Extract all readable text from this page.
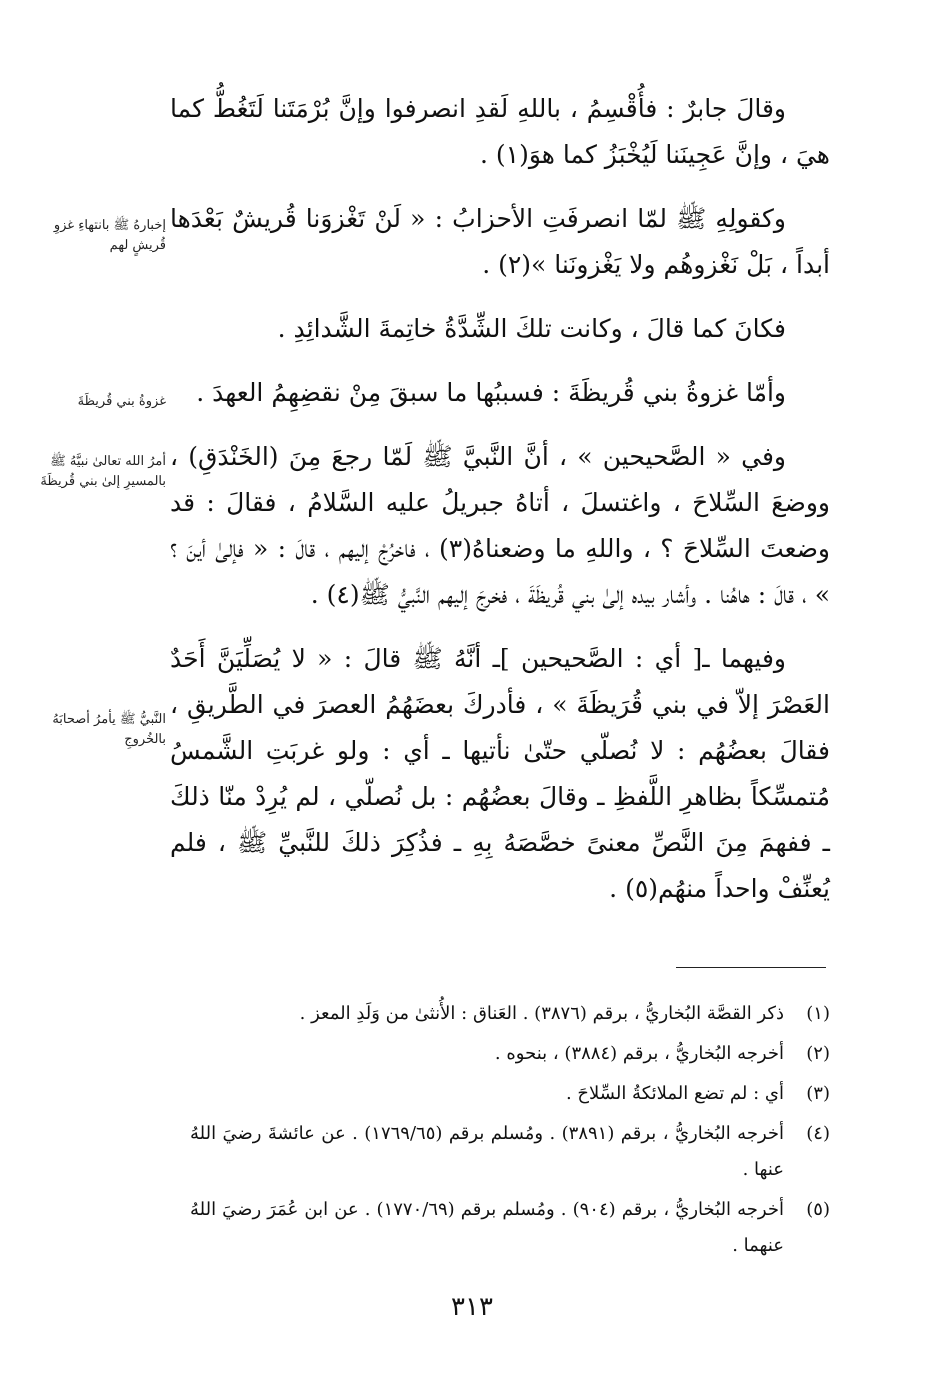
وقالَ جابرٌ : فأُقْسِمُ ، باللهِ لَقدِ انصرفوا وإنَّ بُرْمَتَنا لَتَغُطُّ كما هيَ ، وإنَّ عَجِينَنا لَيُخْبَزُ كما هوَ(١) .

وكقولِهِ ﷺ لمّا انصرفَتِ الأحزابُ : « لَنْ تَغْزوَنا قُريشٌ بَعْدَها أبداً ، بَلْ نَغْزوهُم ولا يَغْزونَنا »(٢) .

فكانَ كما قالَ ، وكانت تلكَ الشِّدَّةُ خاتِمةَ الشَّدائِدِ .

وأمّا غزوةُ بني قُريظَةَ : فسببُها ما سبقَ مِنْ نقضِهِمُ العهدَ .

وفي « الصَّحيحين » ، أنَّ النَّبيَّ ﷺ لَمّا رجعَ مِنَ (الخَنْدَقِ) ، ووضعَ السِّلاحَ ، واغتسلَ ، أتاهُ جبريلُ عليه السَّلامُ ، فقالَ : قد وضعتَ السِّلاحَ ؟ ، واللهِ ما وضعناهُ(٣) ، فاخرُجْ إليهم ، قالَ : « فإلىٰ أينَ ؟ » ، قالَ : هاهُنا . وأشار بيده إلىٰ بني قُريظَةَ ، فخرجَ إليهم النَّبيُّ ﷺ(٤) .

وفيهما ـ[ أي : الصَّحيحين ]ـ أنَّهُ ﷺ قالَ : « لا يُصَلِّيَنَّ أَحَدٌ العَصْرَ إلاّ في بني قُرَيظَةَ » ، فأدركَ بعضَهُمُ العصرَ في الطَّريقِ ، فقالَ بعضُهُم : لا نُصلّي حتّىٰ نأتيها ـ أي : ولو غربَتِ الشَّمسُ مُتمسِّكاً بظاهرِ اللَّفظِ ـ وقالَ بعضُهُم : بل نُصلّي ، لم يُرِدْ منّا ذلكَ ـ ففهمَ مِنَ النَّصِّ معنىً خصَّصَهُ بِهِ ـ فذُكِرَ ذلكَ للنَّبيِّ ﷺ ، فلم يُعنِّفْ واحداً منهُم(٥) .

إخبارهُ ﷺ بانتهاءِ غزوِ قُريشٍ لهم
غزوةُ بني قُريظَةَ
أمرُ الله تعالىٰ نبيَّهُ ﷺ بالمسيرِ إلىٰ بني قُريظَةَ
النَّبيُّ ﷺ يأمرُ أصحابَهُ بالخُروجِ
(١)
ذكر القصَّة البُخاريُّ ، برقم (٣٨٧٦) . العَناق : الأُنثىٰ من وَلَدِ المعز .
(٢)
أخرجه البُخاريُّ ، برقم (٣٨٨٤) ، بنحوه .
(٣)
أي : لم تضع الملائكةُ السِّلاحَ .
(٤)
أخرجه البُخاريُّ ، برقم (٣٨٩١) . ومُسلم برقم (١٧٦٩/٦٥) . عن عائشةَ رضيَ اللهُ عنها .
(٥)
أخرجه البُخاريُّ ، برقم (٩٠٤) . ومُسلم برقم (١٧٧٠/٦٩) . عن ابن عُمَرَ رضيَ اللهُ عنهما .
٣١٣
